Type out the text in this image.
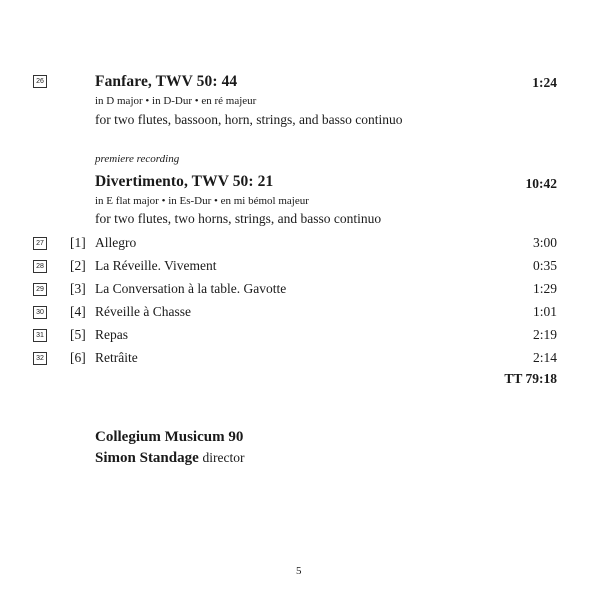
26	Fanfare, TWV 50: 44	1:24
in D major • in D-Dur • en ré majeur
for two flutes, bassoon, horn, strings, and basso continuo
premiere recording
Divertimento, TWV 50: 21	10:42
in E flat major • in Es-Dur • en mi bémol majeur
for two flutes, two horns, strings, and basso continuo
27 [1] Allegro	3:00
28 [2] La Réveille. Vivement	0:35
29 [3] La Conversation à la table. Gavotte	1:29
30 [4] Réveille à Chasse	1:01
31 [5] Repas	2:19
32 [6] Retrâite	2:14
TT 79:18
Collegium Musicum 90
Simon Standage director
5
